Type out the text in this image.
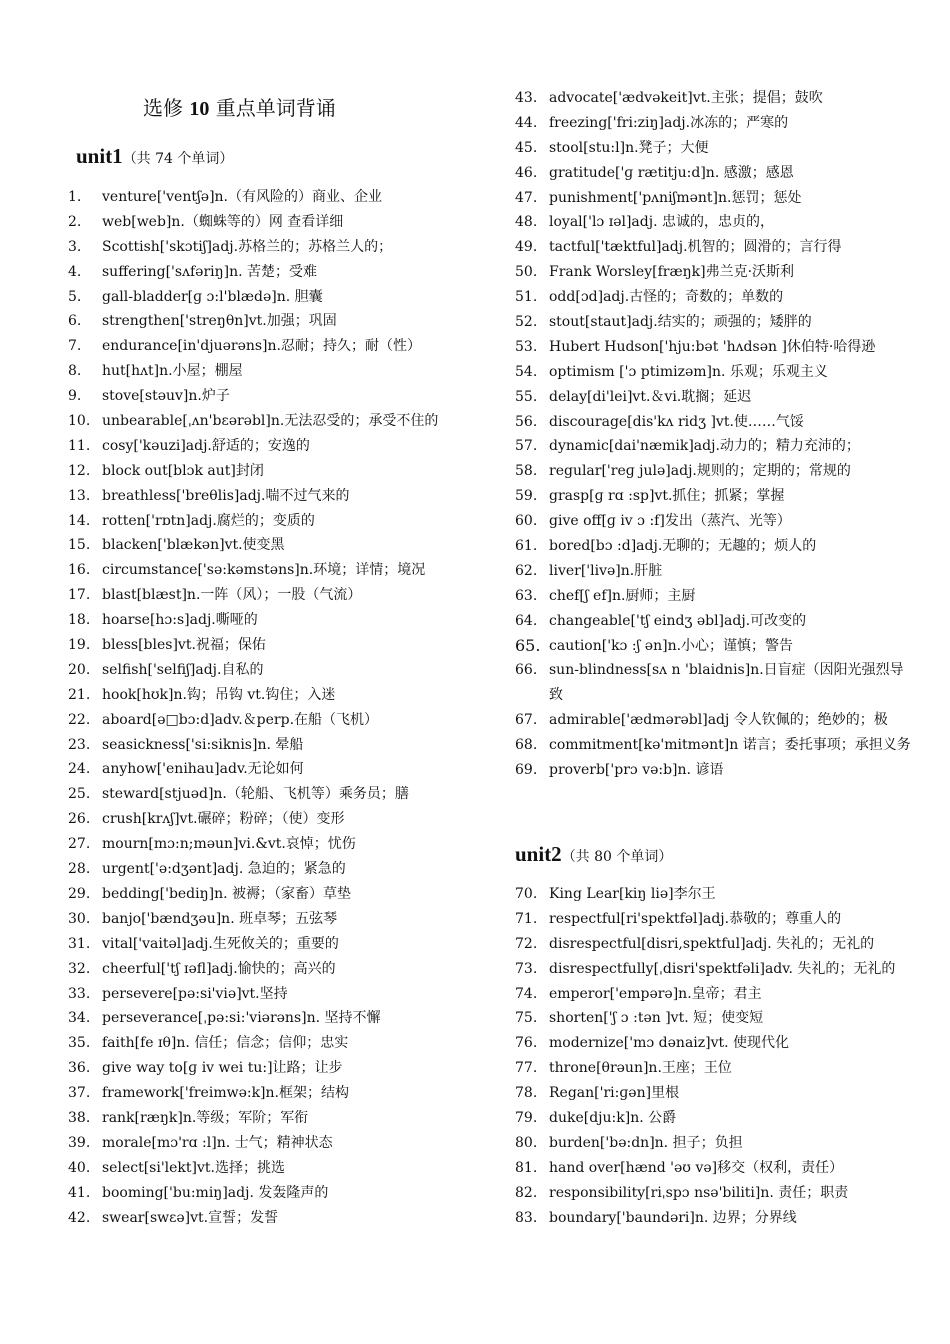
选修 10 重点单词背诵
unit1（共 74 个单词）
1. venture['ventʃə]n.（有风险的）商业、企业
2. web[web]n.（蜘蛛等的）网 查看详细
3. Scottish['skɔtiʃ]adj.苏格兰的；苏格兰人的；
4. suffering['sʌfəriŋ]n. 苦楚；受难
5. gall-bladder[ɡ ɔ:l'blædə]n. 胆囊
6. strengthen['streŋθn]vt.加强；巩固
7. endurance[in'djuərəns]n.忍耐；持久；耐（性）
8. hut[hʌt]n.小屋；棚屋
9. stove[stəuv]n.炉子
10. unbearable[ˌʌn'bɛərəbl]n.无法忍受的；承受不住的
11. cosy['kəuzi]adj.舒适的；安逸的
12. block out[blɔk aut]封闭
13. breathless['breθlis]adj.喘不过气来的
14. rotten['rɒtn]adj.腐烂的；变质的
15. blacken['blækən]vt.使变黑
16. circumstance['sə:kəmstəns]n.环境；详情；境况
17. blast[blæst]n.一阵（风）；一股（气流）
18. hoarse[hɔ:s]adj.嘶哑的
19. bless[bles]vt.祝福；保佑
20. selfish['selfiʃ]adj.自私的
21. hook[hʊk]n.钩；吊钩 vt.钩住；入迷
22. aboard[ə□bɔ:d]adv.＆perp.在船（飞机）
23. seasickness['si:siknis]n. 晕船
24. anyhow['enihau]adv.无论如何
25. steward[stjuəd]n.（轮船、飞机等）乘务员；膳
26. crush[krʌʃ]vt.碾碎；粉碎；（使）变形
27. mourn[mɔ:n;məun]vi.&vt.哀悼；忧伤
28. urgent['ə:dʒənt]adj. 急迫的；紧急的
29. bedding['bediŋ]n. 被褥；（家畜）草垫
30. banjo['bændʒəu]n. 班卓琴；五弦琴
31. vital['vaitəl]adj.生死攸关的；重要的
32. cheerful['tʃ ɪəfl]adj.愉快的；高兴的
33. persevere[pə:si'viə]vt.坚持
34. perseverance[ˌpə:si:'viərəns]n. 坚持不懈
35. faith[fe ɪθ]n. 信任；信念；信仰；忠实
36. give way to[ɡ iv wei tu:]让路；让步
37. framework['freimwə:k]n.框架；结构
38. rank[ræŋk]n.等级；军阶；军衔
39. morale[mɔ'rɑ :l]n. 士气；精神状态
40. select[si'lekt]vt.选择；挑选
41. booming['bu:miŋ]adj. 发轰隆声的
42. swear[swɛə]vt.宣誓；发誓
43. advocate['ædvəkeit]vt.主张；提倡；鼓吹
44. freezing['fri:ziŋ]adj.冰冻的；严寒的
45. stool[stu:l]n.凳子；大便
46. gratitude['ɡ rætitju:d]n. 感激；感恩
47. punishment['pʌniʃmənt]n.惩罚；惩处
48. loyal['lɔ ɪəl]adj. 忠诚的，忠贞的，
49. tactful['tæktful]adj.机智的；圆滑的；言行得
50. Frank Worsley[fræŋk]弗兰克·沃斯利
51. odd[ɔd]adj.古怪的；奇数的；单数的
52. stout[staut]adj.结实的；顽强的；矮胖的
53. Hubert Hudson['hju:bət 'hʌdsən ]休伯特·哈得逊
54. optimism ['ɔ ptimizəm]n. 乐观；乐观主义
55. delay[di'lei]vt.＆vi.耽搁；延迟
56. discourage[dis'kʌ ridʒ ]vt.使……气馁
57. dynamic[dai'næmik]adj.动力的；精力充沛的；
58. regular['reɡ julə]adj.规则的；定期的；常规的
59. grasp[ɡ rɑ :sp]vt.抓住；抓紧；掌握
60. give off[ɡ iv ɔ :f]发出（蒸汽、光等）
61. bored[bɔ :d]adj.无聊的；无趣的；烦人的
62. liver['livə]n.肝脏
63. chef[ʃ ef]n.厨师；主厨
64. changeable['tʃ eindʒ əbl]adj.可改变的
65. caution['kɔ :ʃ ən]n.小心；谨慎；警告
66. sun-blindness[sʌ n 'blaidnis]n.日盲症（因阳光强烈导致
67. admirable['ædmərəbl]adj 令人钦佩的；绝妙的；极
68. commitment[kə'mitmənt]n 诺言；委托事项；承担义务
69. proverb['prɔ və:b]n. 谚语
unit2（共 80 个单词）
70. King Lear[kiŋ liə]李尔王
71. respectful[ri'spektfəl]adj.恭敬的；尊重人的
72. disrespectful[disri,spektful]adj. 失礼的；无礼的
73. disrespectfully[ˌdisri'spektfəli]adv. 失礼的；无礼的
74. emperor['empərə]n.皇帝；君主
75. shorten['ʃ ɔ :tən ]vt. 短；使变短
76. modernize['mɔ dənaiz]vt. 使现代化
77. throne[θrəun]n.王座；王位
78. Regan['ri:ɡən]里根
79. duke[dju:k]n. 公爵
80. burden['bə:dn]n. 担子；负担
81. hand over[hænd 'əʊ və]移交（权利，责任）
82. responsibility[riˌspɔ nsə'biliti]n. 责任；职责
83. boundary['baundəri]n. 边界；分界线
